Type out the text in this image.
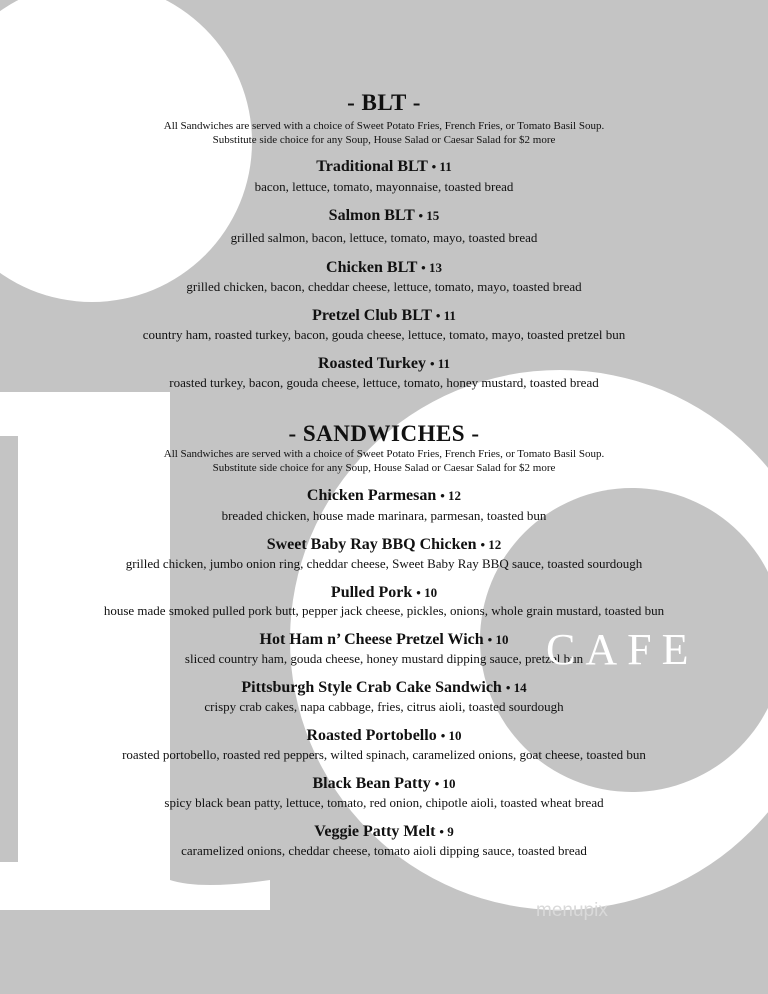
- BLT -
All Sandwiches are served with a choice of Sweet Potato Fries, French Fries, or Tomato Basil Soup.
Substitute side choice for any Soup, House Salad or Caesar Salad for $2 more
Traditional BLT • 11
bacon, lettuce, tomato, mayonnaise, toasted bread
Salmon BLT • 15
grilled salmon, bacon, lettuce, tomato, mayo, toasted bread
Chicken BLT • 13
grilled chicken, bacon, cheddar cheese, lettuce, tomato, mayo, toasted bread
Pretzel Club BLT • 11
country ham, roasted turkey, bacon, gouda cheese, lettuce, tomato, mayo, toasted pretzel bun
Roasted Turkey • 11
roasted turkey, bacon, gouda cheese, lettuce, tomato, honey mustard, toasted bread
- SANDWICHES -
All Sandwiches are served with a choice of Sweet Potato Fries, French Fries, or Tomato Basil Soup.
Substitute side choice for any Soup, House Salad or Caesar Salad for $2 more
Chicken Parmesan • 12
breaded chicken, house made marinara, parmesan, toasted bun
Sweet Baby Ray BBQ Chicken • 12
grilled chicken, jumbo onion ring, cheddar cheese, Sweet Baby Ray BBQ sauce, toasted sourdough
Pulled Pork • 10
house made smoked pulled pork butt, pepper jack cheese, pickles, onions, whole grain mustard, toasted bun
Hot Ham n’ Cheese Pretzel Wich • 10
sliced country ham, gouda cheese, honey mustard dipping sauce, pretzel bun
Pittsburgh Style Crab Cake Sandwich • 14
crispy crab cakes, napa cabbage, fries, citrus aioli, toasted sourdough
Roasted Portobello • 10
roasted portobello, roasted red peppers, wilted spinach, caramelized onions, goat cheese, toasted bun
Black Bean Patty • 10
spicy black bean patty, lettuce, tomato, red onion, chipotle aioli, toasted wheat bread
Veggie Patty Melt • 9
caramelized onions, cheddar cheese, tomato aioli dipping sauce, toasted bread
CAFE
menupix
